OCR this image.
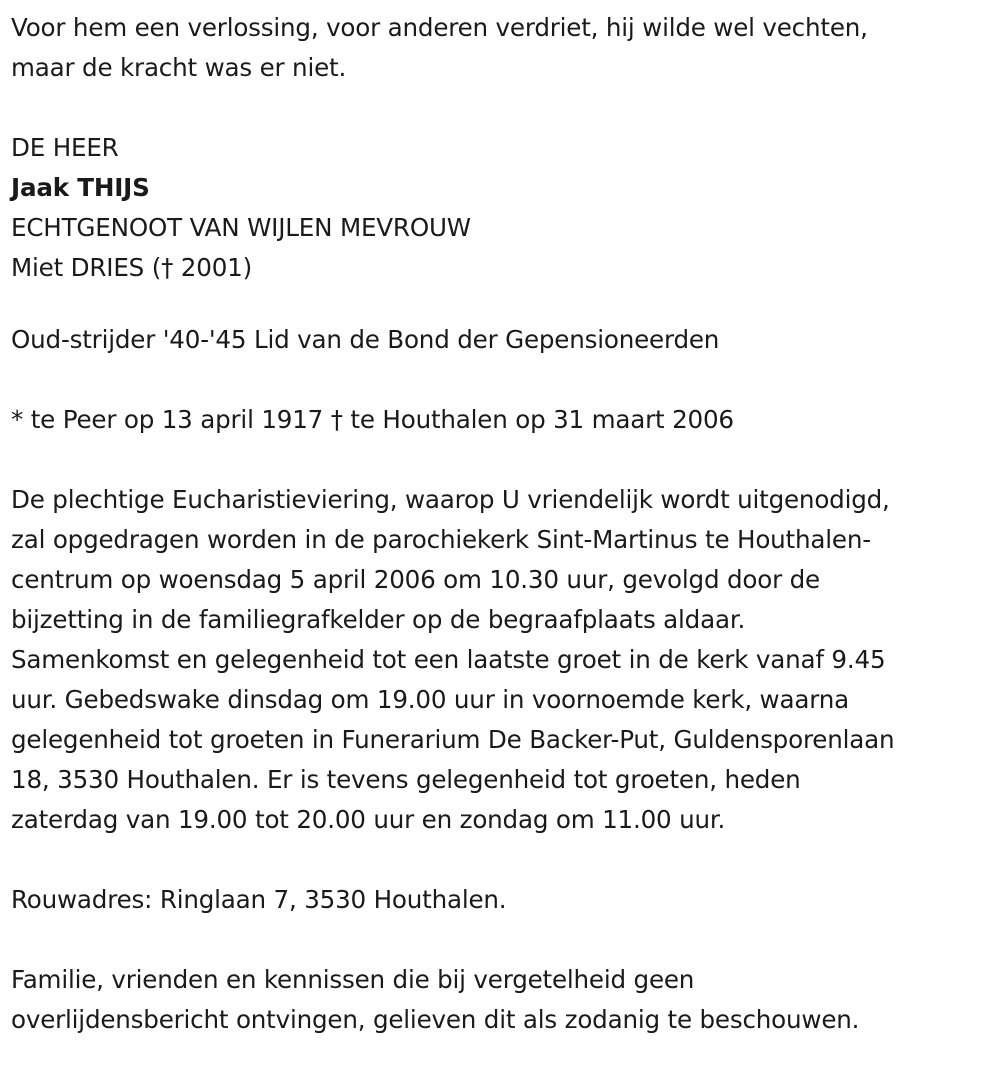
Voor hem een verlossing, voor anderen verdriet, hij wilde wel vechten,
maar de kracht was er niet.
DE HEER
Jaak THIJS
ECHTGENOOT VAN WIJLEN MEVROUW
Miet DRIES († 2001)
Oud-strijder '40-'45 Lid van de Bond der Gepensioneerden
* te Peer op 13 april 1917 † te Houthalen op 31 maart 2006
De plechtige Eucharistieviering, waarop U vriendelijk wordt uitgenodigd,
zal opgedragen worden in de parochiekerk Sint-Martinus te Houthalen-
centrum op woensdag 5 april 2006 om 10.30 uur, gevolgd door de
bijzetting in de familiegrafkelder op de begraafplaats aldaar.
Samenkomst en gelegenheid tot een laatste groet in de kerk vanaf 9.45
uur. Gebedswake dinsdag om 19.00 uur in voornoemde kerk, waarna
gelegenheid tot groeten in Funerarium De Backer-Put, Guldensporenlaan
18, 3530 Houthalen. Er is tevens gelegenheid tot groeten, heden
zaterdag van 19.00 tot 20.00 uur en zondag om 11.00 uur.
Rouwadres: Ringlaan 7, 3530 Houthalen.
Familie, vrienden en kennissen die bij vergetelheid geen
overlijdensbericht ontvingen, gelieven dit als zodanig te beschouwen.
